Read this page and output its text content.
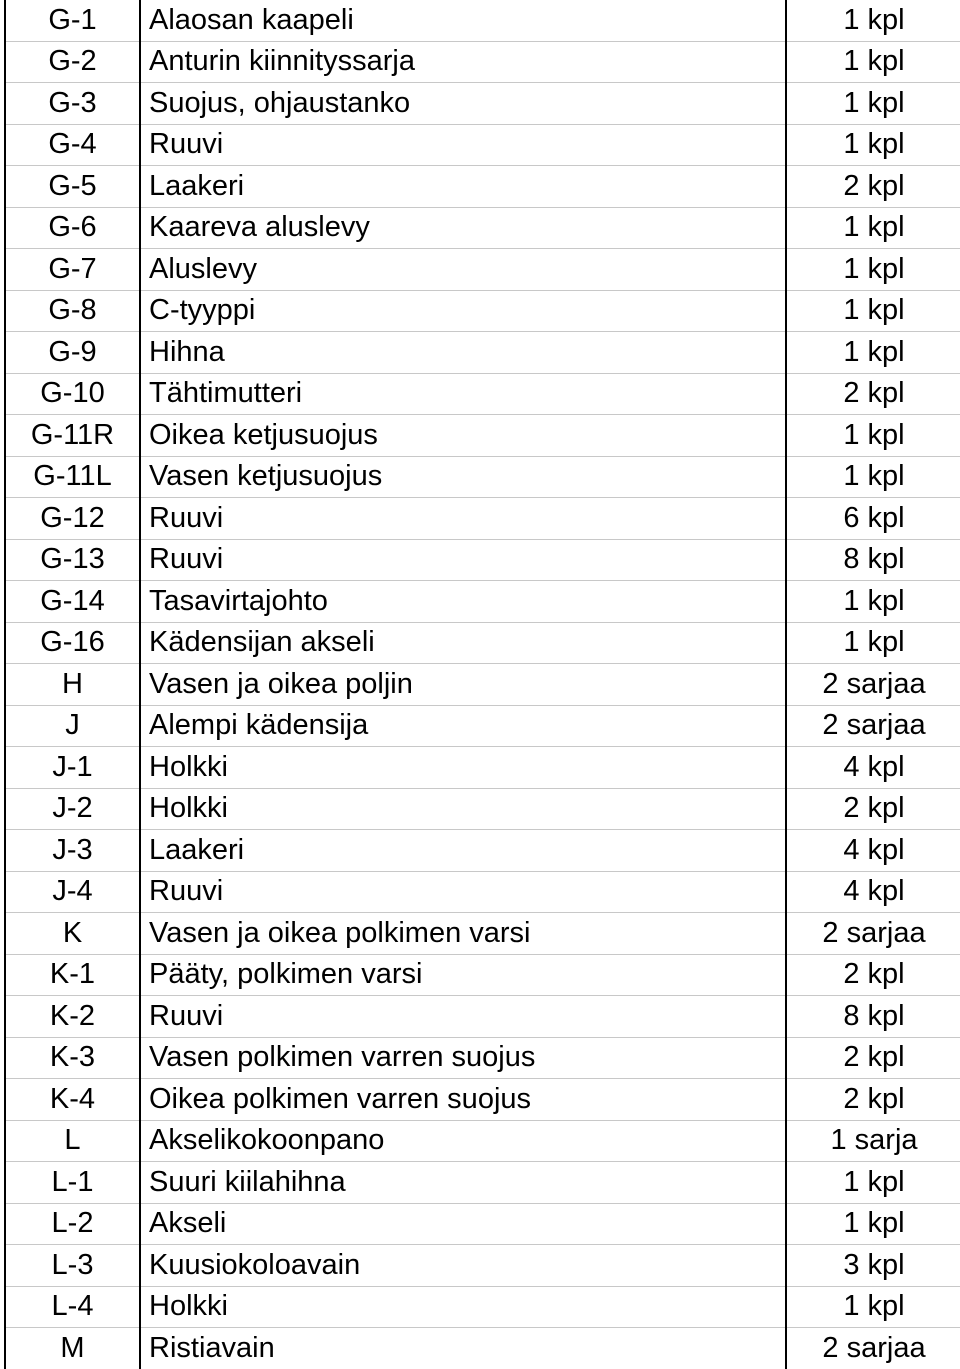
G-1	Alaosan kaapeli	1 kpl
G-2	Anturin kiinnityssarja	1 kpl
G-3	Suojus, ohjaustanko	1 kpl
G-4	Ruuvi	1 kpl
G-5	Laakeri	2 kpl
G-6	Kaareva aluslevy	1 kpl
G-7	Aluslevy	1 kpl
G-8	C-tyyppi	1 kpl
G-9	Hihna	1 kpl
G-10	Tähtimutteri	2 kpl
G-11R	Oikea ketjusuojus	1 kpl
G-11L	Vasen ketjusuojus	1 kpl
G-12	Ruuvi	6 kpl
G-13	Ruuvi	8 kpl
G-14	Tasavirtajohto	1 kpl
G-16	Kädensijan akseli	1 kpl
H	Vasen ja oikea poljin	2 sarjaa
J	Alempi kädensija	2 sarjaa
J-1	Holkki	4 kpl
J-2	Holkki	2 kpl
J-3	Laakeri	4 kpl
J-4	Ruuvi	4 kpl
K	Vasen ja oikea polkimen varsi	2 sarjaa
K-1	Pääty, polkimen varsi	2 kpl
K-2	Ruuvi	8 kpl
K-3	Vasen polkimen varren suojus	2 kpl
K-4	Oikea polkimen varren suojus	2 kpl
L	Akselikokoonpano	1 sarja
L-1	Suuri kiilahihna	1 kpl
L-2	Akseli	1 kpl
L-3	Kuusiokoloavain	3 kpl
L-4	Holkki	1 kpl
M	Ristiavain	2 sarjaa
